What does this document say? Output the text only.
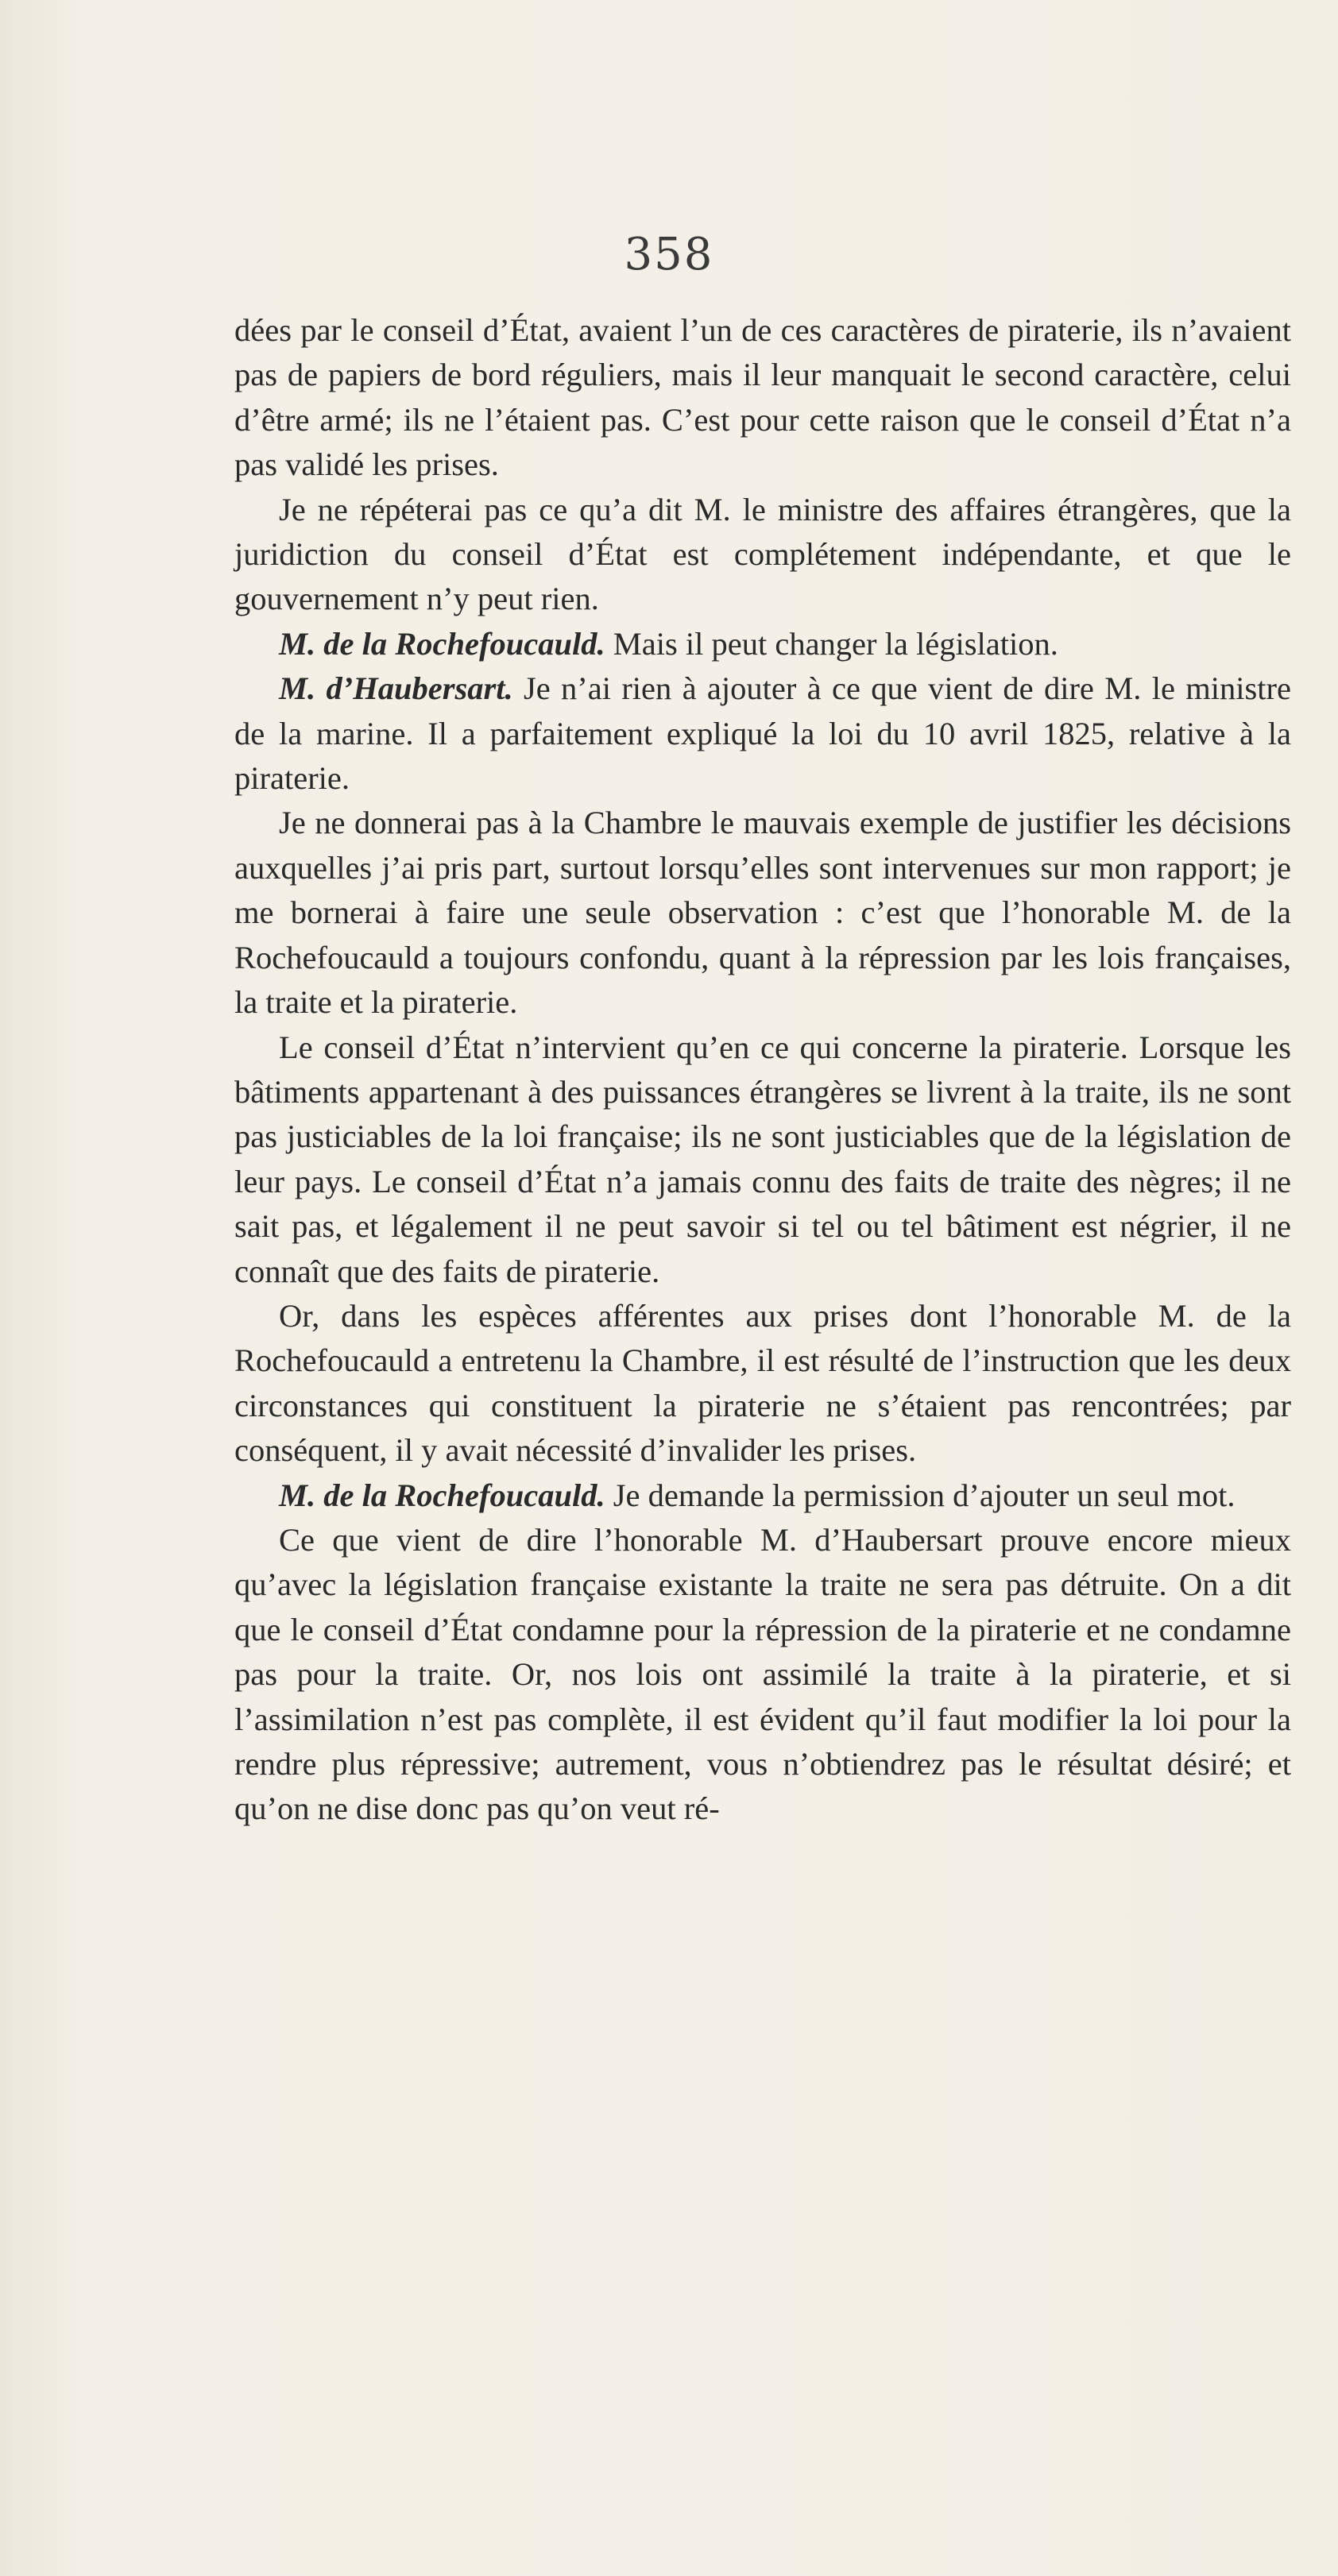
358

dées par le conseil d’État, avaient l’un de ces caractères de piraterie, ils n’avaient pas de papiers de bord réguliers, mais il leur manquait le second caractère, celui d’être armé; ils ne l’étaient pas. C’est pour cette raison que le conseil d’État n’a pas validé les prises.

Je ne répéterai pas ce qu’a dit M. le ministre des affaires étrangères, que la juridiction du conseil d’État est complétement indépendante, et que le gouvernement n’y peut rien.

M. de la Rochefoucauld. Mais il peut changer la législation.

M. d’Haubersart. Je n’ai rien à ajouter à ce que vient de dire M. le ministre de la marine. Il a parfaitement expliqué la loi du 10 avril 1825, relative à la piraterie.

Je ne donnerai pas à la Chambre le mauvais exemple de justifier les décisions auxquelles j’ai pris part, surtout lorsqu’elles sont intervenues sur mon rapport; je me bornerai à faire une seule observation : c’est que l’honorable M. de la Rochefoucauld a toujours confondu, quant à la répression par les lois françaises, la traite et la piraterie.

Le conseil d’État n’intervient qu’en ce qui concerne la piraterie. Lorsque les bâtiments appartenant à des puissances étrangères se livrent à la traite, ils ne sont pas justiciables de la loi française; ils ne sont justiciables que de la législation de leur pays. Le conseil d’État n’a jamais connu des faits de traite des nègres; il ne sait pas, et légalement il ne peut savoir si tel ou tel bâtiment est négrier, il ne connaît que des faits de piraterie.

Or, dans les espèces afférentes aux prises dont l’honorable M. de la Rochefoucauld a entretenu la Chambre, il est résulté de l’instruction que les deux circonstances qui constituent la piraterie ne s’étaient pas rencontrées; par conséquent, il y avait nécessité d’invalider les prises.

M. de la Rochefoucauld. Je demande la permission d’ajouter un seul mot.

Ce que vient de dire l’honorable M. d’Haubersart prouve encore mieux qu’avec la législation française existante la traite ne sera pas détruite. On a dit que le conseil d’État condamne pour la répression de la piraterie et ne condamne pas pour la traite. Or, nos lois ont assimilé la traite à la piraterie, et si l’assimilation n’est pas complète, il est évident qu’il faut modifier la loi pour la rendre plus répressive; autrement, vous n’obtiendrez pas le résultat désiré; et qu’on ne dise donc pas qu’on veut ré-
